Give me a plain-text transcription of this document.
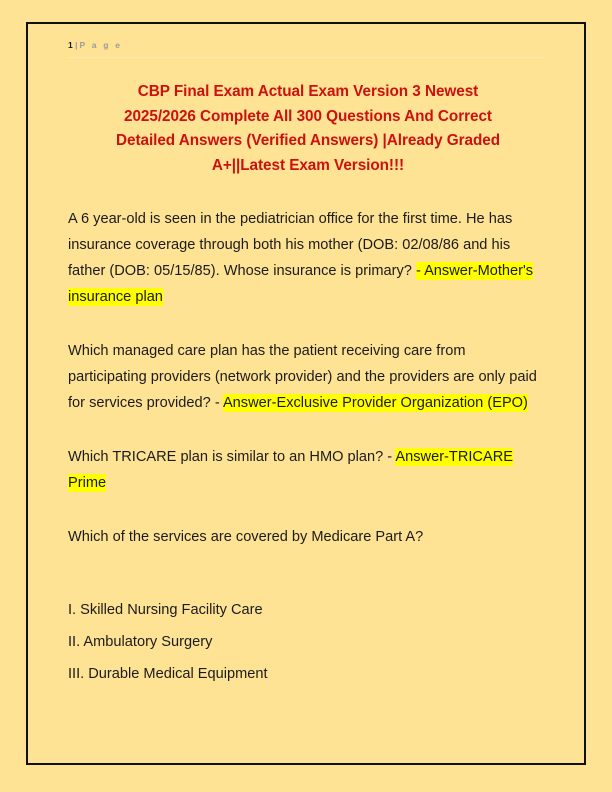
1 | P a g e
CBP Final Exam Actual Exam Version 3 Newest
2025/2026 Complete All 300 Questions And Correct
Detailed Answers (Verified Answers) |Already Graded
A+||Latest Exam Version!!!

A 6 year-old is seen in the pediatrician office for the first time. He has insurance coverage through both his mother (DOB: 02/08/86 and his father (DOB: 05/15/85). Whose insurance is primary? - Answer-Mother's insurance plan

Which managed care plan has the patient receiving care from participating providers (network provider) and the providers are only paid for services provided? - Answer-Exclusive Provider Organization (EPO)

Which TRICARE plan is similar to an HMO plan? - Answer-TRICARE Prime

Which of the services are covered by Medicare Part A?

I. Skilled Nursing Facility Care
II. Ambulatory Surgery
III. Durable Medical Equipment
